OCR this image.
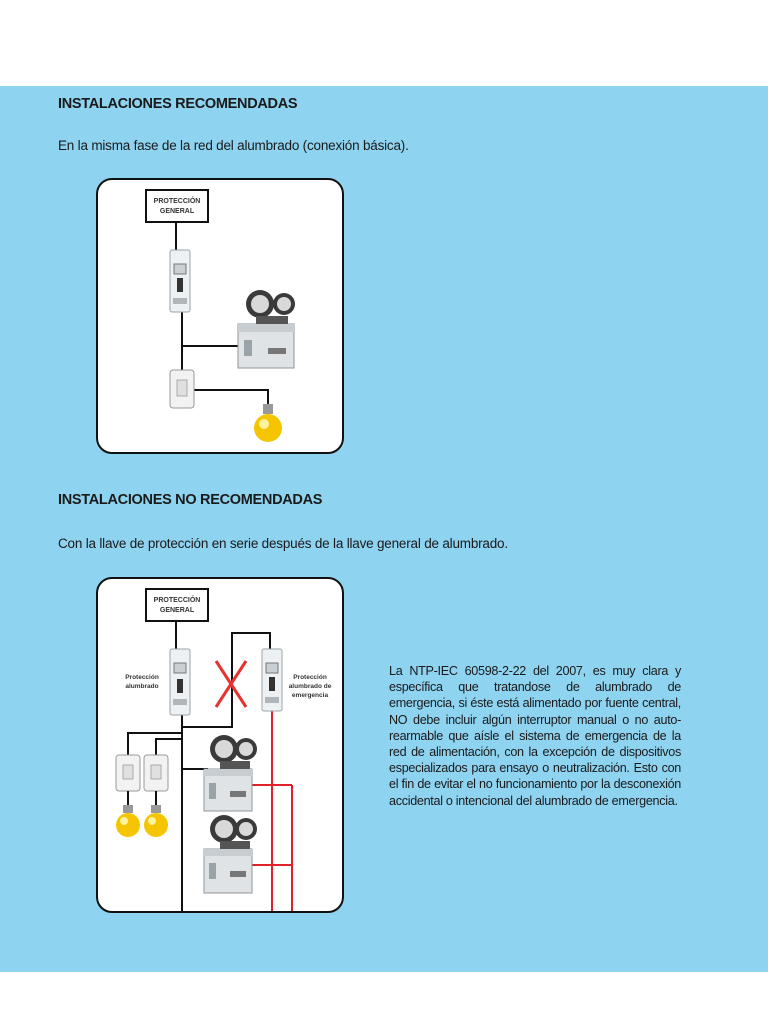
INSTALACIONES RECOMENDADAS
En la misma fase de la red del alumbrado (conexión básica).
PROTECCIÓN
GENERAL
INSTALACIONES NO RECOMENDADAS
Con la llave de protección en serie después de la llave general de alumbrado.
PROTECCIÓN
GENERAL
Protección
alumbrado
Protección
alumbrado de
emergencia
La NTP-IEC 60598-2-22 del 2007, es muy clara y específica que tratandose de alumbrado de emergencia, si éste está alimentado por fuente central, NO debe incluir algún interruptor manual o no auto-rearmable que aísle el sistema de emergencia de la red de alimentación, con la excepción de dispositivos especializados para ensayo o neutralización. Esto con el fin de evitar el no funcionamiento por la desconexión accidental o intencional del alumbrado de emergencia.
